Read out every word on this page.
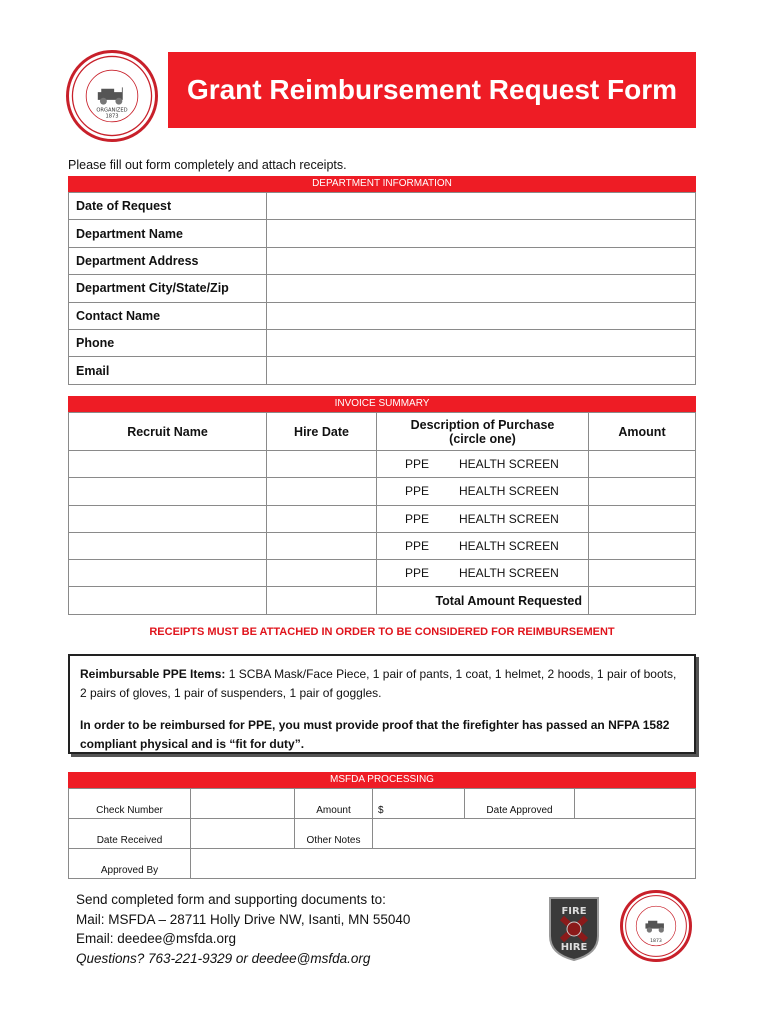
ORGANIZED
1873
Grant Reimbursement Request Form
Please fill out form completely and attach receipts.
DEPARTMENT INFORMATION
Date of Request	
Department Name	
Department Address	
Department City/State/Zip	
Contact Name	
Phone	
Email	
INVOICE SUMMARY
Recruit Name	Hire Date	Description of Purchase
(circle one)	Amount
		PPE HEALTH SCREEN	
		PPE HEALTH SCREEN	
		PPE HEALTH SCREEN	
		PPE HEALTH SCREEN	
		PPE HEALTH SCREEN	
		Total Amount Requested	
RECEIPTS MUST BE ATTACHED IN ORDER TO BE CONSIDERED FOR REIMBURSEMENT

Reimbursable PPE Items: 1 SCBA Mask/Face Piece, 1 pair of pants, 1 coat, 1 helmet, 2 hoods, 1 pair of boots, 2 pairs of gloves, 1 pair of suspenders, 1 pair of goggles.

In order to be reimbursed for PPE, you must provide proof that the firefighter has passed an NFPA 1582 compliant physical and is “fit for duty”.

MSFDA PROCESSING
Check Number		Amount	$	Date Approved	
Date Received		Other Notes			
Approved By					
Send completed form and supporting documents to:
Mail: MSFDA – 28711 Holly Drive NW, Isanti, MN 55040
Email: deedee@msfda.org
Questions? 763-221-9329 or deedee@msfda.org
FIRE
HIRE
1873
